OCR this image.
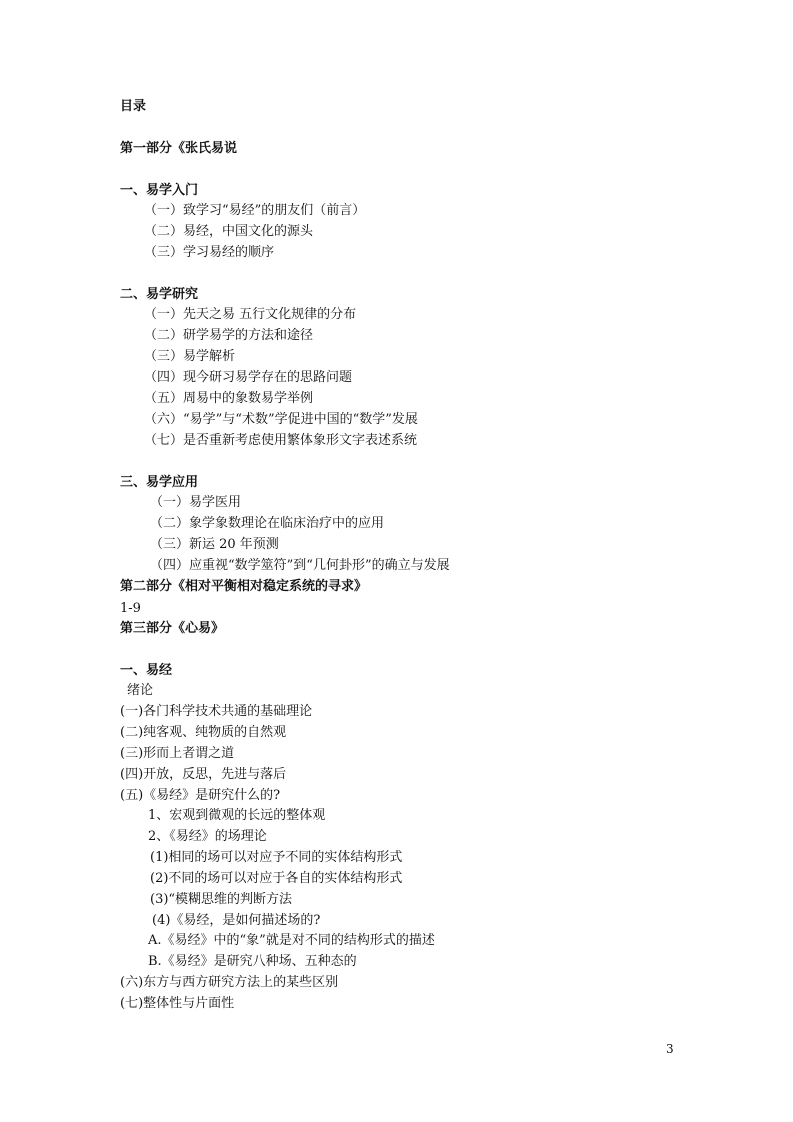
目录
第一部分《张氏易说
一、易学入门
（一）致学习“易经”的朋友们（前言）
（二）易经，中国文化的源头
（三）学习易经的顺序
二、易学研究
（一）先天之易 五行文化规律的分布
（二）研学易学的方法和途径
（三）易学解析
（四）现今研习易学存在的思路问题
（五）周易中的象数易学举例
（六）“易学”与“术数”学促进中国的“数学”发展
（七）是否重新考虑使用繁体象形文字表述系统
三、易学应用
（一）易学医用
（二）象学象数理论在临床治疗中的应用
（三）新运 20 年预测
（四）应重视“数学筮符”到“几何卦形”的确立与发展
第二部分《相对平衡相对稳定系统的寻求》
1-9
第三部分《心易》
一、易经
绪论
(一)各门科学技术共通的基础理论
(二)纯客观、纯物质的自然观
(三)形而上者谓之道
(四)开放，反思，先进与落后
(五)《易经》是研究什么的?
1、宏观到微观的长远的整体观
2、《易经》的场理论
(1)相同的场可以对应予不同的实体结构形式
(2)不同的场可以对应于各自的实体结构形式
(3)“模糊思维的判断方法
(4)《易经，是如何描述场的?
A.《易经》中的“象”就是对不同的结构形式的描述
B.《易经》是研究八种场、五种态的
(六)东方与西方研究方法上的某些区别
(七)整体性与片面性
3
